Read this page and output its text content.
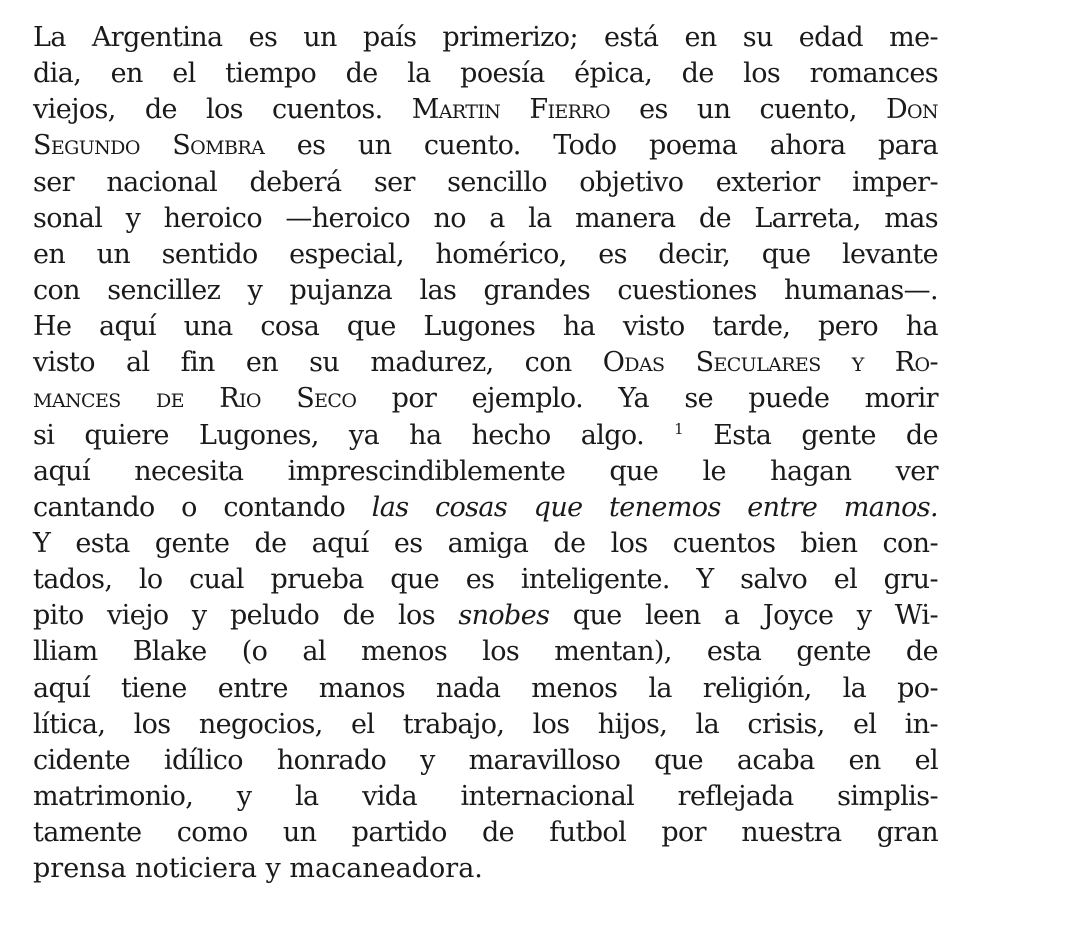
La Argentina es un país primerizo; está en su edad me-
dia, en el tiempo de la poesía épica, de los romances
viejos, de los cuentos. Martin Fierro es un cuento, Don
Segundo Sombra es un cuento. Todo poema ahora para
ser nacional deberá ser sencillo objetivo exterior imper-
sonal y heroico —heroico no a la manera de Larreta, mas
en un sentido especial, homérico, es decir, que levante
con sencillez y pujanza las grandes cuestiones humanas—.
He aquí una cosa que Lugones ha visto tarde, pero ha
visto al fin en su madurez, con Odas Seculares y Ro-
mances de Rio Seco por ejemplo. Ya se puede morir
si quiere Lugones, ya ha hecho algo. $^1$ Esta gente de
aquí necesita imprescindiblemente que le hagan ver
cantando o contando las cosas que tenemos entre manos.
Y esta gente de aquí es amiga de los cuentos bien con-
tados, lo cual prueba que es inteligente. Y salvo el gru-
pito viejo y peludo de los snobes que leen a Joyce y Wi-
lliam Blake (o al menos los mentan), esta gente de
aquí tiene entre manos nada menos la religión, la po-
lítica, los negocios, el trabajo, los hijos, la crisis, el in-
cidente idílico honrado y maravilloso que acaba en el
matrimonio, y la vida internacional reflejada simplis-
tamente como un partido de futbol por nuestra gran
prensa noticiera y macaneadora.
